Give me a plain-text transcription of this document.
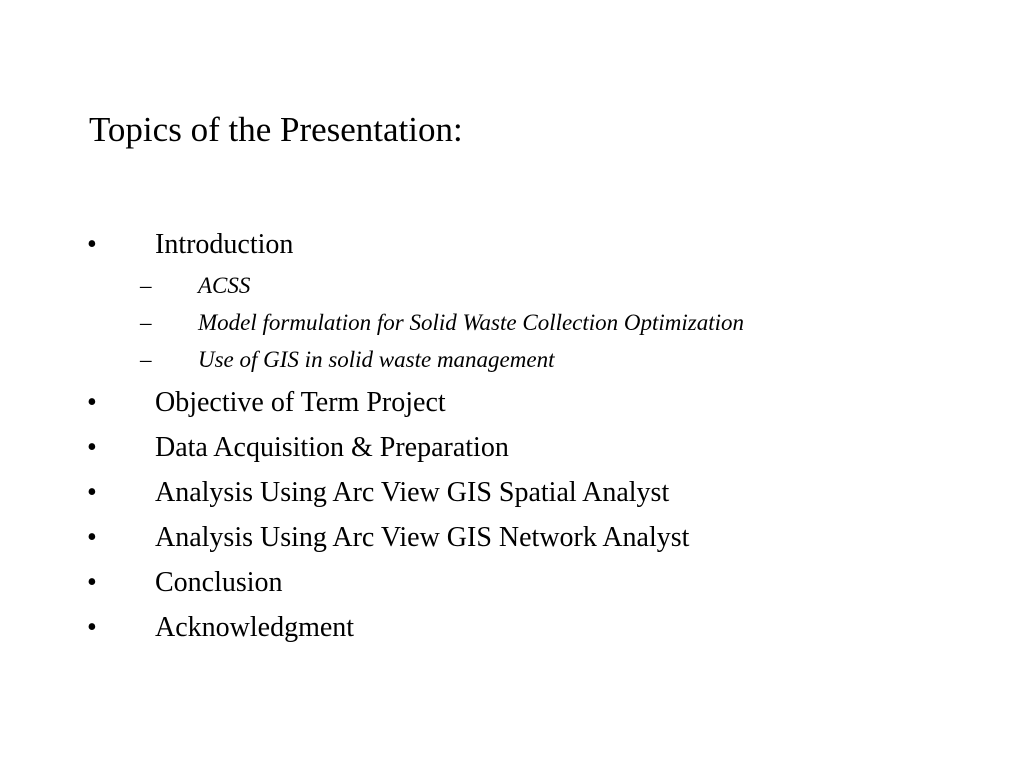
Topics of the Presentation:
• Introduction
– ACSS
– Model formulation for Solid Waste Collection Optimization
– Use of GIS in solid waste management
• Objective of Term Project
• Data Acquisition & Preparation
• Analysis Using Arc View GIS Spatial Analyst
• Analysis Using Arc View GIS Network Analyst
• Conclusion
• Acknowledgment
